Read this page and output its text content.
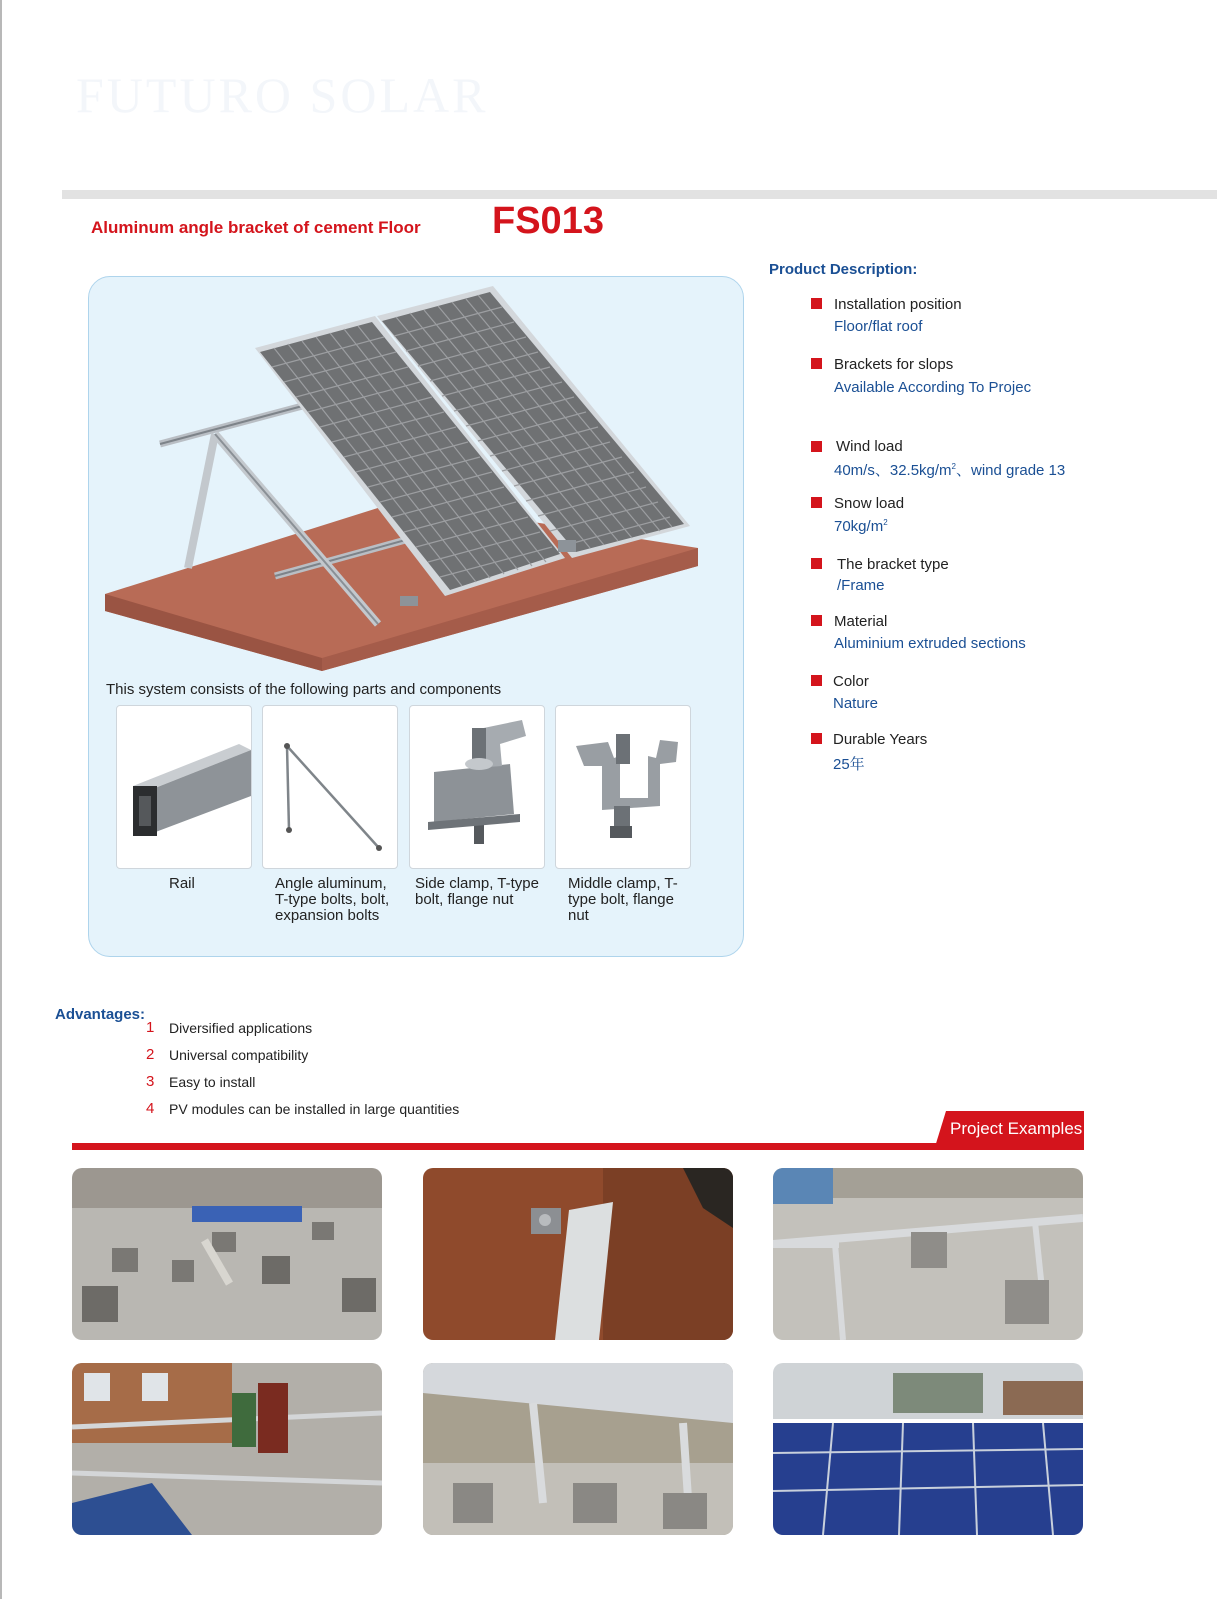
FUTURO SOLAR
Aluminum angle bracket of cement Floor FS013
This system consists of the following parts and components
Rail	Angle aluminum, T-type bolts, bolt, expansion bolts
Side clamp, T-type bolt, flange nut
Middle clamp, T-type bolt, flange nut
Product Description:
Installation position
Floor/flat roof
Brackets for slops
Available According To Projec
Wind load
40m/s、$32.5kg/m^2$、wind grade 13
Snow load
$70kg/m^2$
The bracket type
/Frame
Material
Aluminium extruded sections
Color
Nature
Durable Years
25年
Advantages:
1 Diversified applications
2 Universal compatibility
3 Easy to install
4 PV modules can be installed in large quantities
Project Examples
